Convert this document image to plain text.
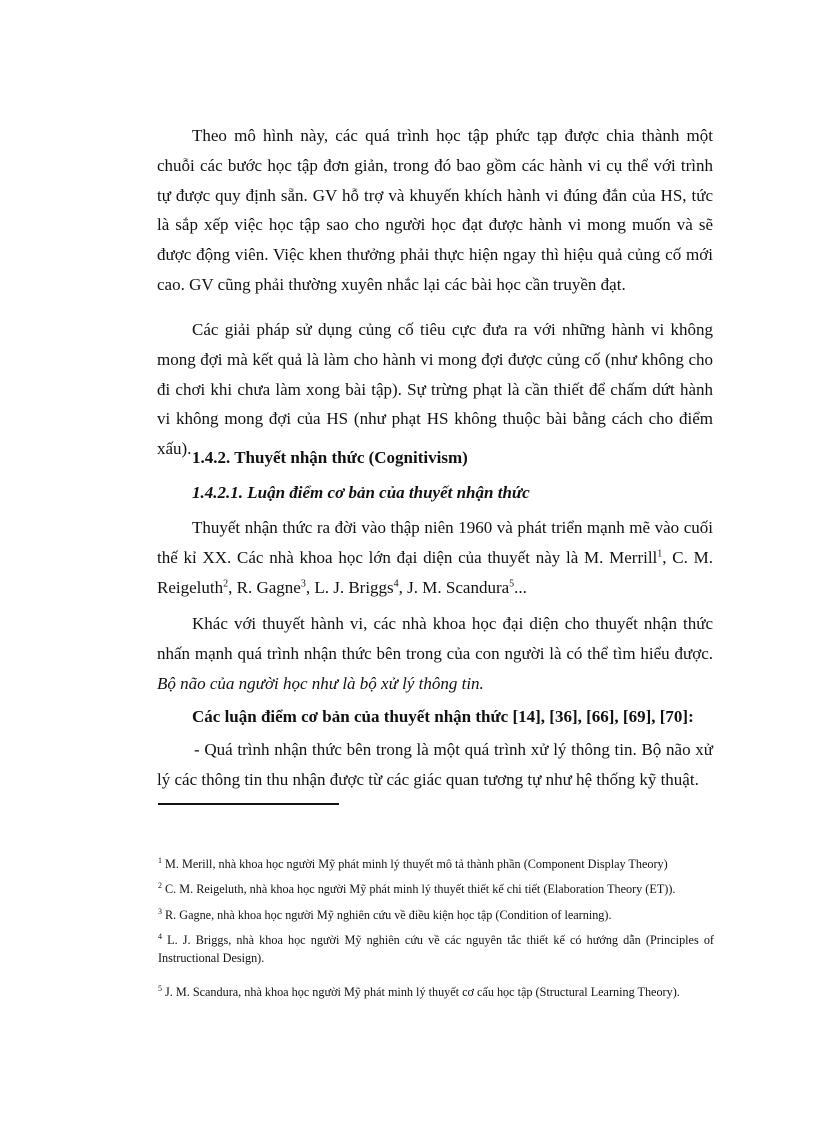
Theo mô hình này, các quá trình học tập phức tạp được chia thành một chuỗi các bước học tập đơn giản, trong đó bao gồm các hành vi cụ thể với trình tự được quy định sẵn. GV hỗ trợ và khuyến khích hành vi đúng đắn của HS, tức là sắp xếp việc học tập sao cho người học đạt được hành vi mong muốn và sẽ được động viên. Việc khen thưởng phải thực hiện ngay thì hiệu quả củng cố mới cao. GV cũng phải thường xuyên nhắc lại các bài học cần truyền đạt.

Các giải pháp sử dụng củng cố tiêu cực đưa ra với những hành vi không mong đợi mà kết quả là làm cho hành vi mong đợi được củng cố (như không cho đi chơi khi chưa làm xong bài tập). Sự trừng phạt là cần thiết để chấm dứt hành vi không mong đợi của HS (như phạt HS không thuộc bài bằng cách cho điểm xấu). 1.4.2. Thuyết nhận thức (Cognitivism)

1.4.2.1. Luận điểm cơ bản của thuyết nhận thức

Thuyết nhận thức ra đời vào thập niên 1960 và phát triển mạnh mẽ vào cuối thế kỉ XX. Các nhà khoa học lớn đại diện của thuyết này là M. Merrill$^1$, C. M. Reigeluth$^2$, R. Gagne$^3$, L. J. Briggs$^4$, J. M. Scandura$^5$...

Khác với thuyết hành vi, các nhà khoa học đại diện cho thuyết nhận thức nhấn mạnh quá trình nhận thức bên trong của con người là có thể tìm hiểu được. Bộ não của người học như là bộ xử lý thông tin.

Các luận điểm cơ bản của thuyết nhận thức [14], [36], [66], [69], [70]:

- Quá trình nhận thức bên trong là một quá trình xử lý thông tin. Bộ não xử lý các thông tin thu nhận được từ các giác quan tương tự như hệ thống kỹ thuật.

$^1$ M. Merill, nhà khoa học người Mỹ phát minh lý thuyết mô tả thành phần (Component Display Theory)

$^2$ C. M. Reigeluth, nhà khoa học người Mỹ phát minh lý thuyết thiết kế chi tiết (Elaboration Theory (ET)).

$^3$ R. Gagne, nhà khoa học người Mỹ nghiên cứu về điều kiện học tập (Condition of learning).

$^4$ L. J. Briggs, nhà khoa học người Mỹ nghiên cứu về các nguyên tắc thiết kế có hướng dẫn (Principles of Instructional Design).

$^5$ J. M. Scandura, nhà khoa học người Mỹ phát minh lý thuyết cơ cấu học tập (Structural Learning Theory).
